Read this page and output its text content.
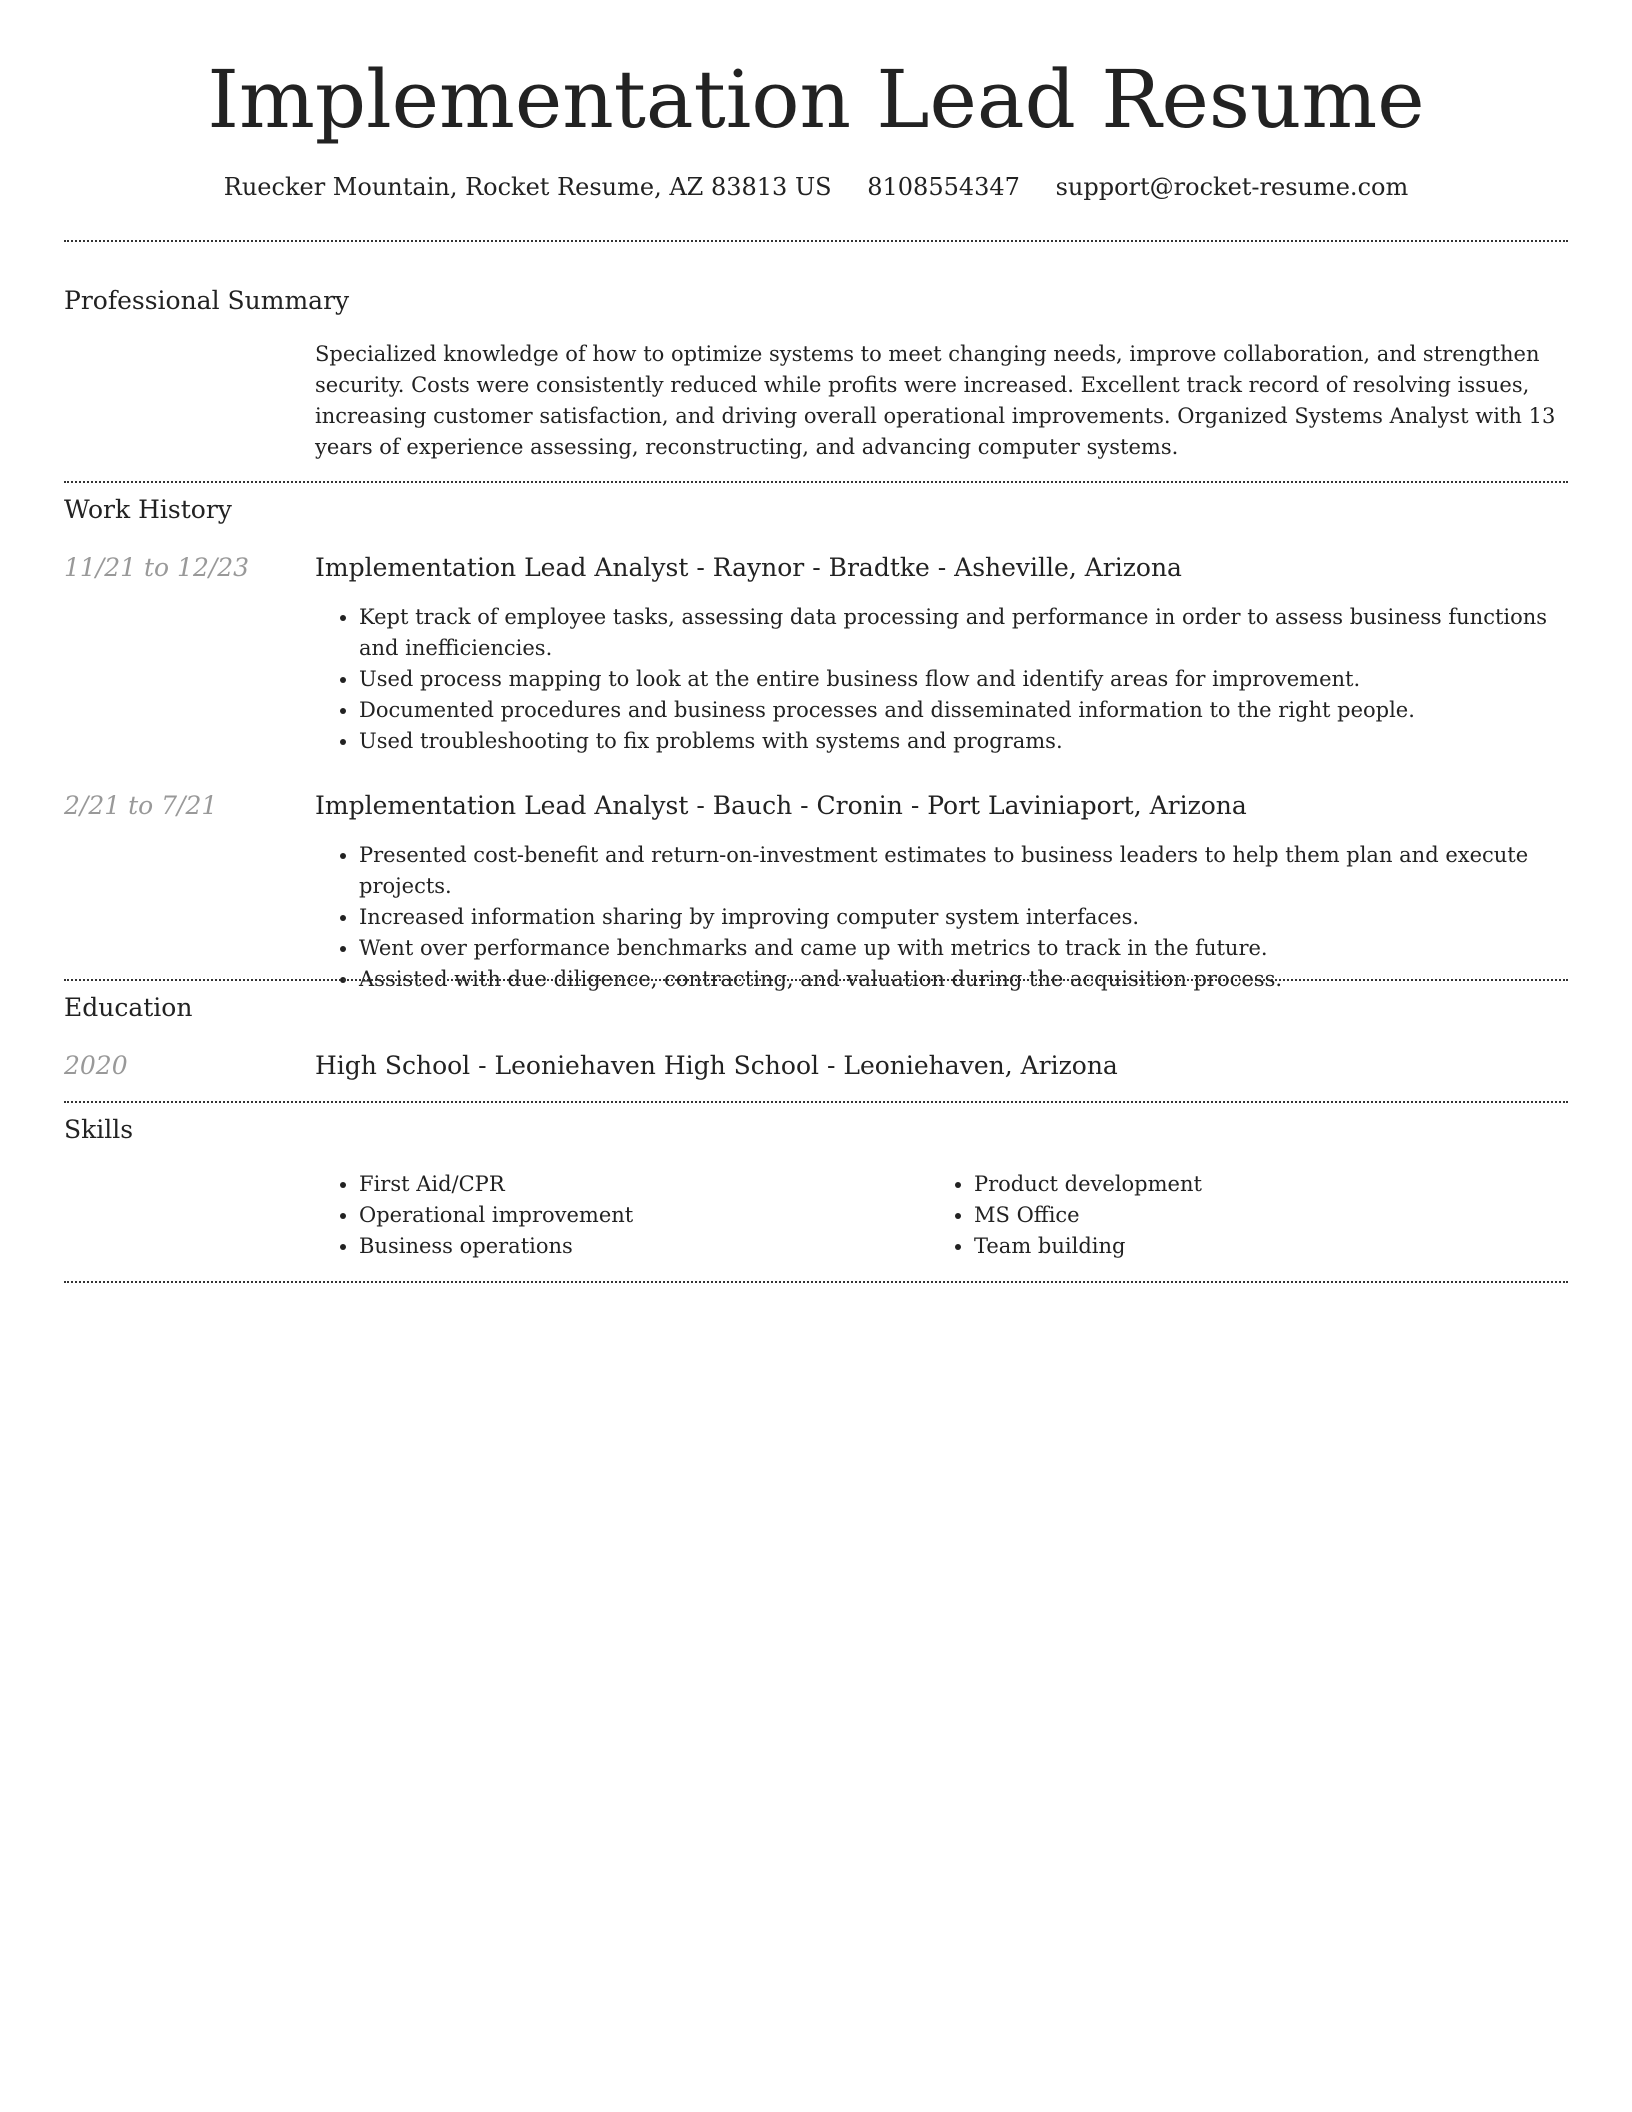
Implementation Lead Resume
Ruecker Mountain, Rocket Resume, AZ 83813 US 8108554347 support@rocket-resume.com
Professional Summary
Specialized knowledge of how to optimize systems to meet changing needs, improve collaboration, and strengthen security. Costs were consistently reduced while profits were increased. Excellent track record of resolving issues, increasing customer satisfaction, and driving overall operational improvements. Organized Systems Analyst with 13 years of experience assessing, reconstructing, and advancing computer systems.
Work History
11/21 to 12/23	Implementation Lead Analyst - Raynor - Bradtke - Asheville, Arizona
• Kept track of employee tasks, assessing data processing and performance in order to assess business functions and inefficiencies.
• Used process mapping to look at the entire business flow and identify areas for improvement.
• Documented procedures and business processes and disseminated information to the right people.
• Used troubleshooting to fix problems with systems and programs.
2/21 to 7/21	Implementation Lead Analyst - Bauch - Cronin - Port Laviniaport, Arizona
• Presented cost-benefit and return-on-investment estimates to business leaders to help them plan and execute projects.
• Increased information sharing by improving computer system interfaces.
• Went over performance benchmarks and came up with metrics to track in the future.
• Assisted with due diligence, contracting, and valuation during the acquisition process.
Education
2020	High School - Leoniehaven High School - Leoniehaven, Arizona
Skills
• First Aid/CPR
• Operational improvement
• Business operations
• Product development
• MS Office
• Team building
